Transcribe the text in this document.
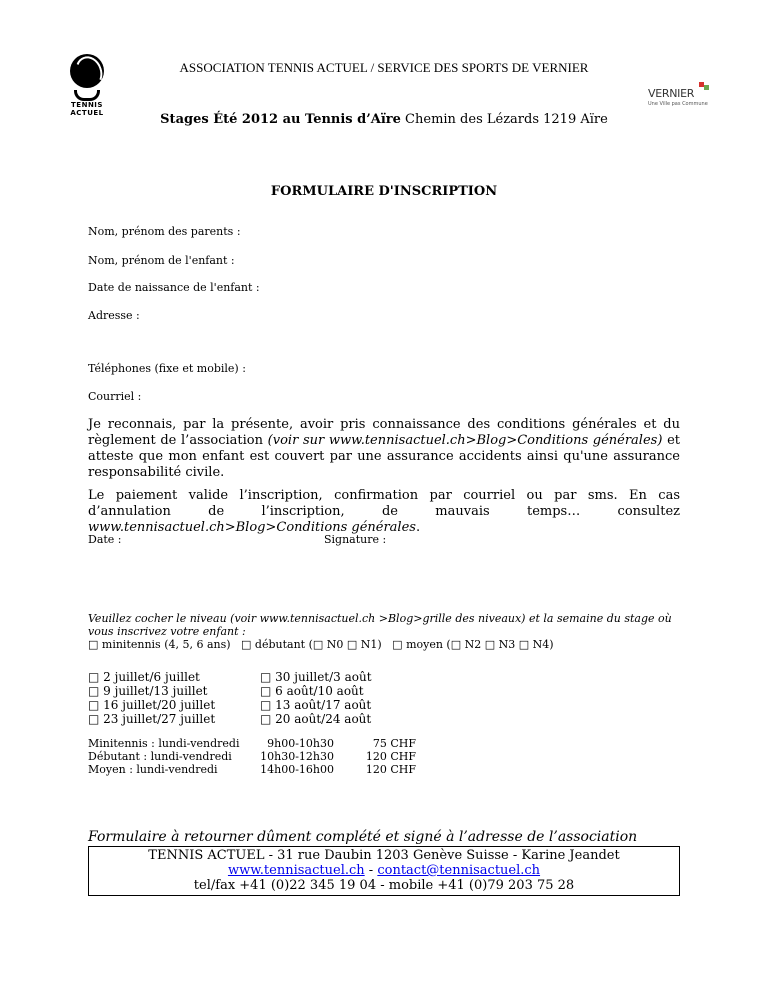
TENNIS
ACTUEL
VERNIER
Une Ville pas Commune
ASSOCIATION TENNIS ACTUEL / SERVICE DES SPORTS DE VERNIER
Stages Été 2012 au Tennis d’Aïre Chemin des Lézards 1219 Aïre
FORMULAIRE D'INSCRIPTION
Nom, prénom des parents :
Nom, prénom de l'enfant :
Date de naissance de l'enfant :
Adresse :
Téléphones (fixe et mobile) :
Courriel :
Je reconnais, par la présente, avoir pris connaissance des conditions générales et du règlement de l’association (voir sur www.tennisactuel.ch>Blog>Conditions générales) et atteste que mon enfant est couvert par une assurance accidents ainsi qu'une assurance responsabilité civile.
Le paiement valide l’inscription, confirmation par courriel ou par sms. En cas d’annulation de l’inscription, de mauvais temps… consultez www.tennisactuel.ch>Blog>Conditions générales.
Date :	Signature :
Veuillez cocher le niveau (voir www.tennisactuel.ch >Blog>grille des niveaux) et la semaine du stage où vous inscrivez votre enfant :
□ minitennis (4, 5, 6 ans)   □ débutant (□ N0 □ N1)   □ moyen (□ N2 □ N3 □ N4)
□ 2 juillet/6 juillet
□ 9 juillet/13 juillet
□ 16 juillet/20 juillet
□ 23 juillet/27 juillet
□ 30 juillet/3 août
□ 6 août/10 août
□ 13 août/17 août
□ 20 août/24 août
Minitennis : lundi-vendredi
Débutant : lundi-vendredi
Moyen : lundi-vendredi
9h00-10h30
10h30-12h30
14h00-16h00
75 CHF
120 CHF
120 CHF
Formulaire à retourner dûment complété et signé à l’adresse de l’association
TENNIS ACTUEL - 31 rue Daubin 1203 Genève Suisse - Karine Jeandet
www.tennisactuel.ch - contact@tennisactuel.ch
tel/fax +41 (0)22 345 19 04 - mobile +41 (0)79 203 75 28
